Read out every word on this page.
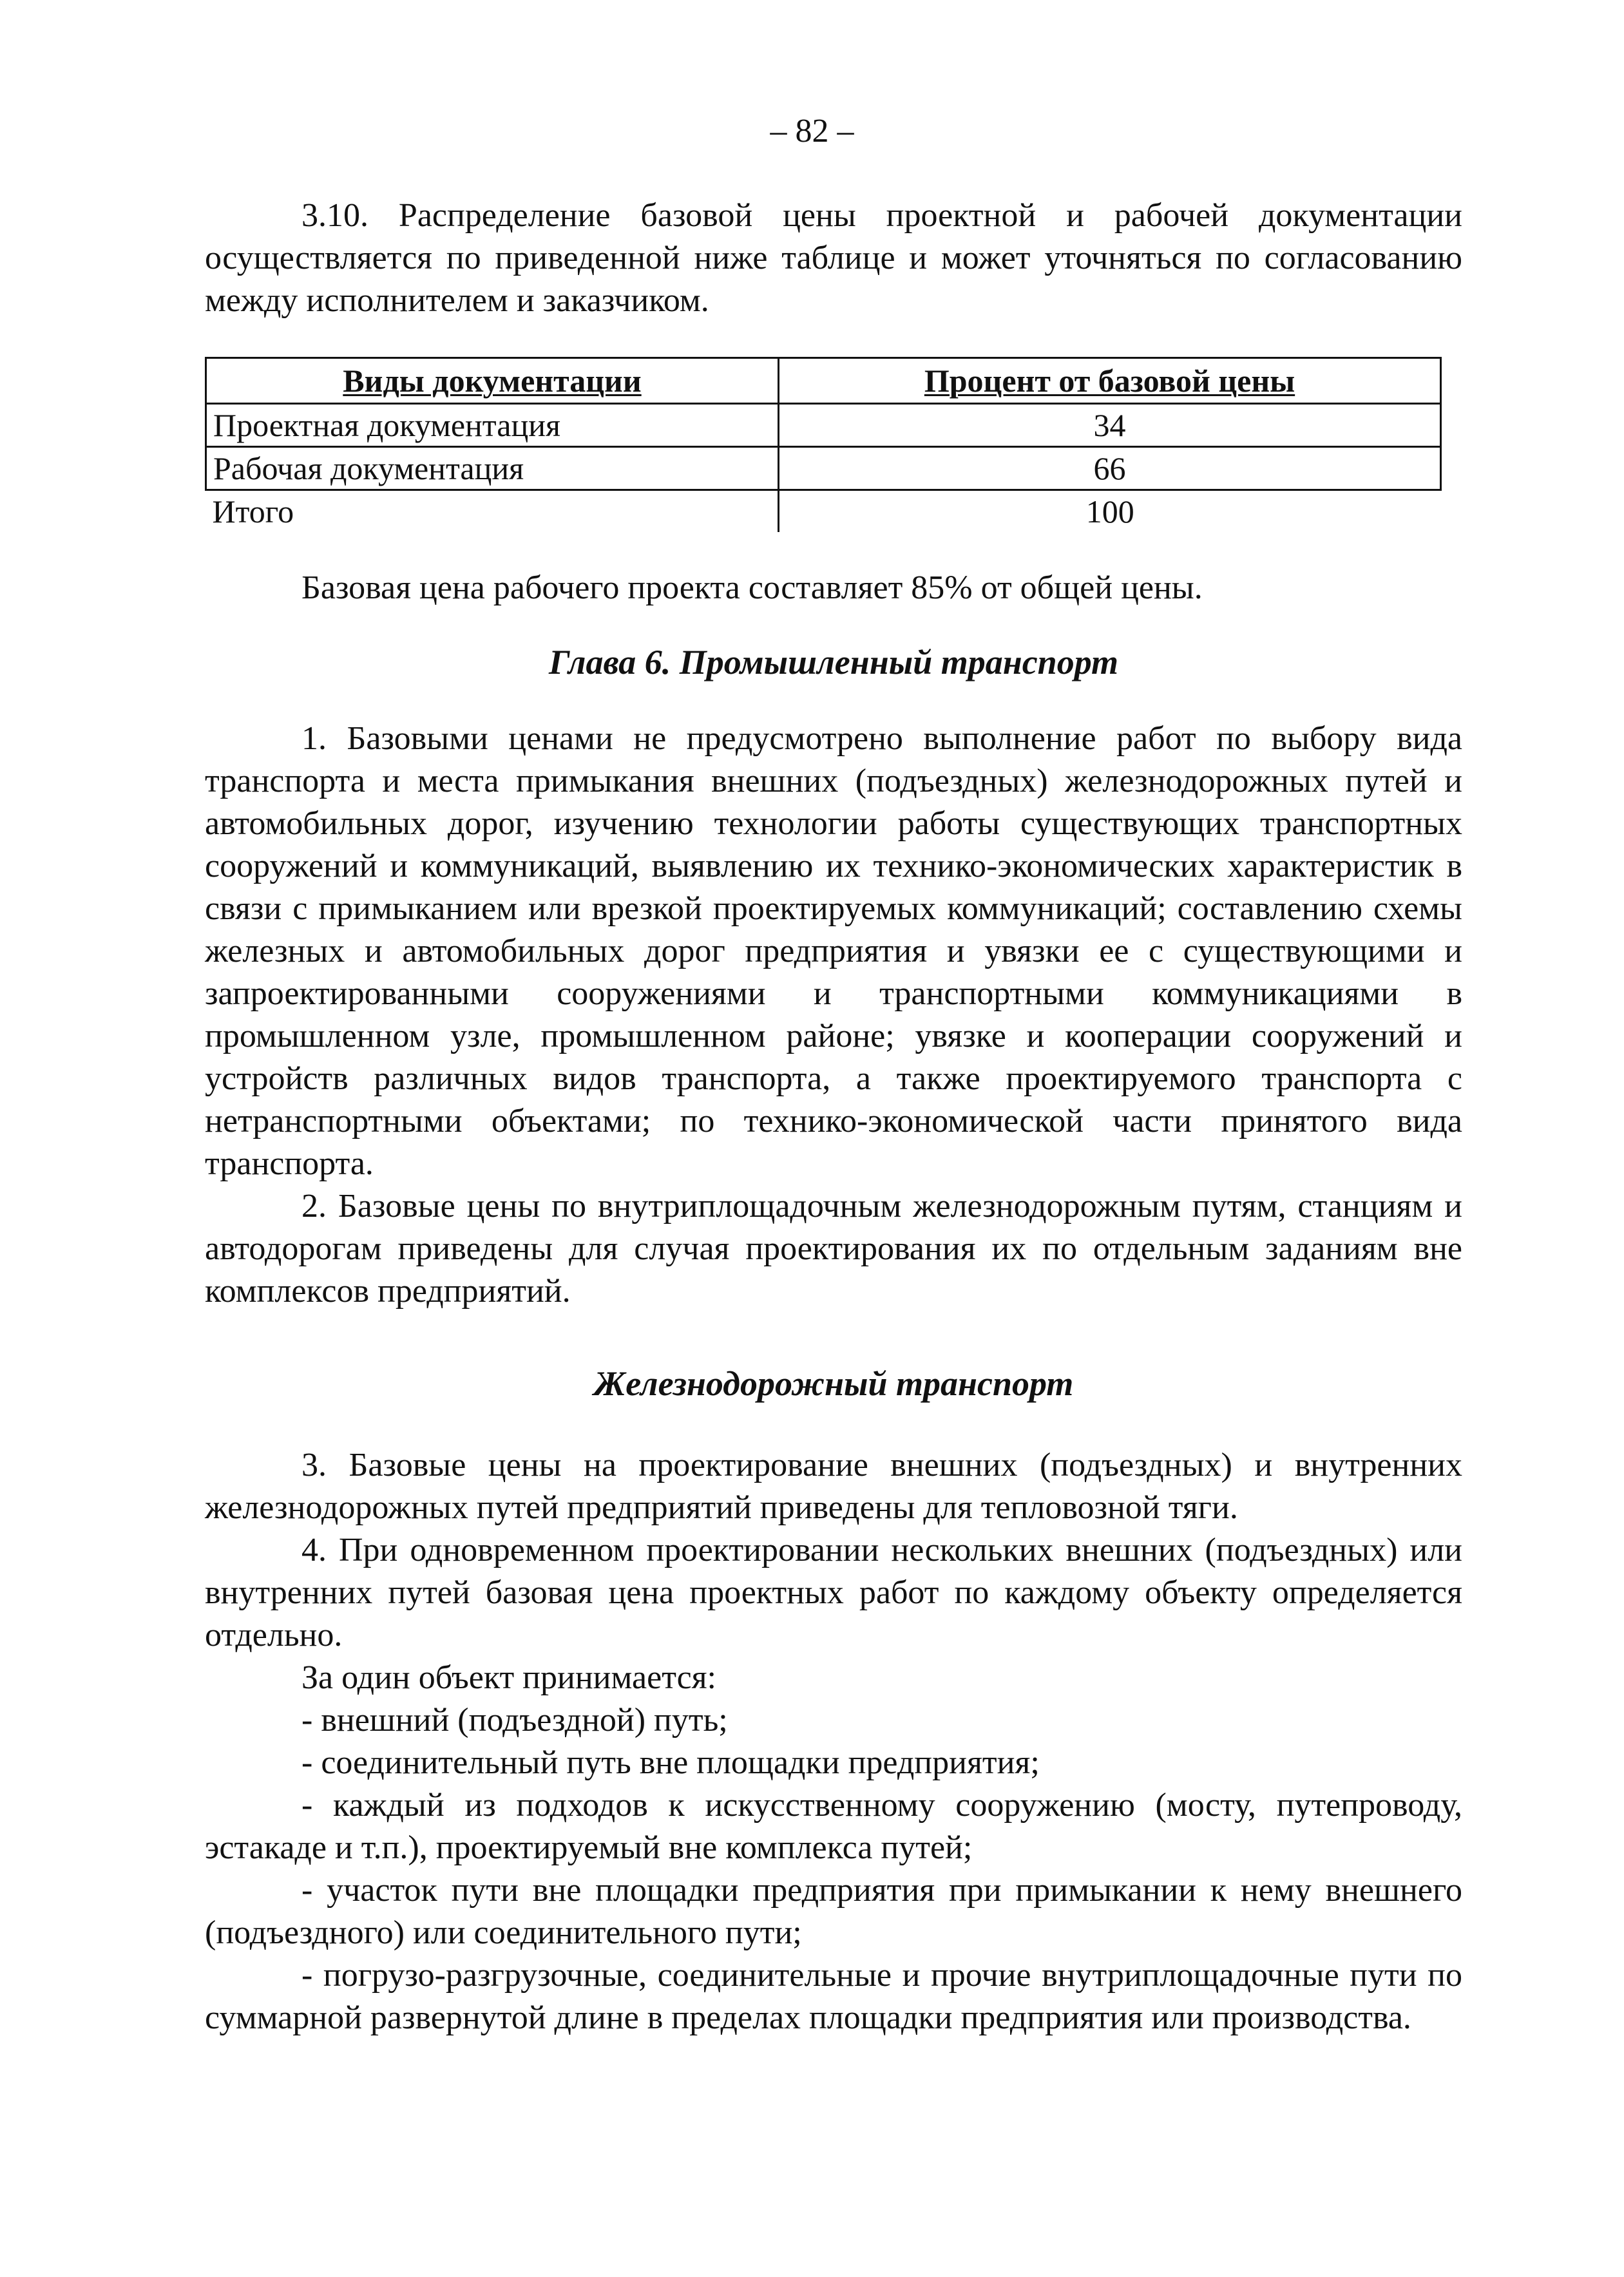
– 82 –

3.10. Распределение базовой цены проектной и рабочей документации осуществляется по приведенной ниже таблице и может уточняться по согласованию между исполнителем и заказчиком.

Виды документации	Процент от базовой цены
Проектная документация	34
Рабочая документация	66
Итого	100

Базовая цена рабочего проекта составляет 85% от общей цены.

Глава 6. Промышленный транспорт

1. Базовыми ценами не предусмотрено выполнение работ по выбору вида транспорта и места примыкания внешних (подъездных) железнодорожных путей и автомобильных дорог, изучению технологии работы существующих транспортных сооружений и коммуникаций, выявлению их технико-экономических характеристик в связи с примыканием или врезкой проектируемых коммуникаций; составлению схемы железных и автомобильных дорог предприятия и увязки ее с существующими и запроектированными сооружениями и транспортными коммуникациями в промышленном узле, промышленном районе; увязке и кооперации сооружений и устройств различных видов транспорта, а также проектируемого транспорта с нетранспортными объектами; по технико-экономической части принятого вида транспорта.

2. Базовые цены по внутриплощадочным железнодорожным путям, станциям и автодорогам приведены для случая проектирования их по отдельным заданиям вне комплексов предприятий.

Железнодорожный транспорт

3. Базовые цены на проектирование внешних (подъездных) и внутренних железнодорожных путей предприятий приведены для тепловозной тяги.

4. При одновременном проектировании нескольких внешних (подъездных) или внутренних путей базовая цена проектных работ по каждому объекту определяется отдельно.

За один объект принимается:

- внешний (подъездной) путь;

- соединительный путь вне площадки предприятия;

- каждый из подходов к искусственному сооружению (мосту, путепроводу, эстакаде и т.п.), проектируемый вне комплекса путей;

- участок пути вне площадки предприятия при примыкании к нему внешнего (подъездного) или соединительного пути;

- погрузо-разгрузочные, соединительные и прочие внутриплощадочные пути по суммарной развернутой длине в пределах площадки предприятия или производства.
